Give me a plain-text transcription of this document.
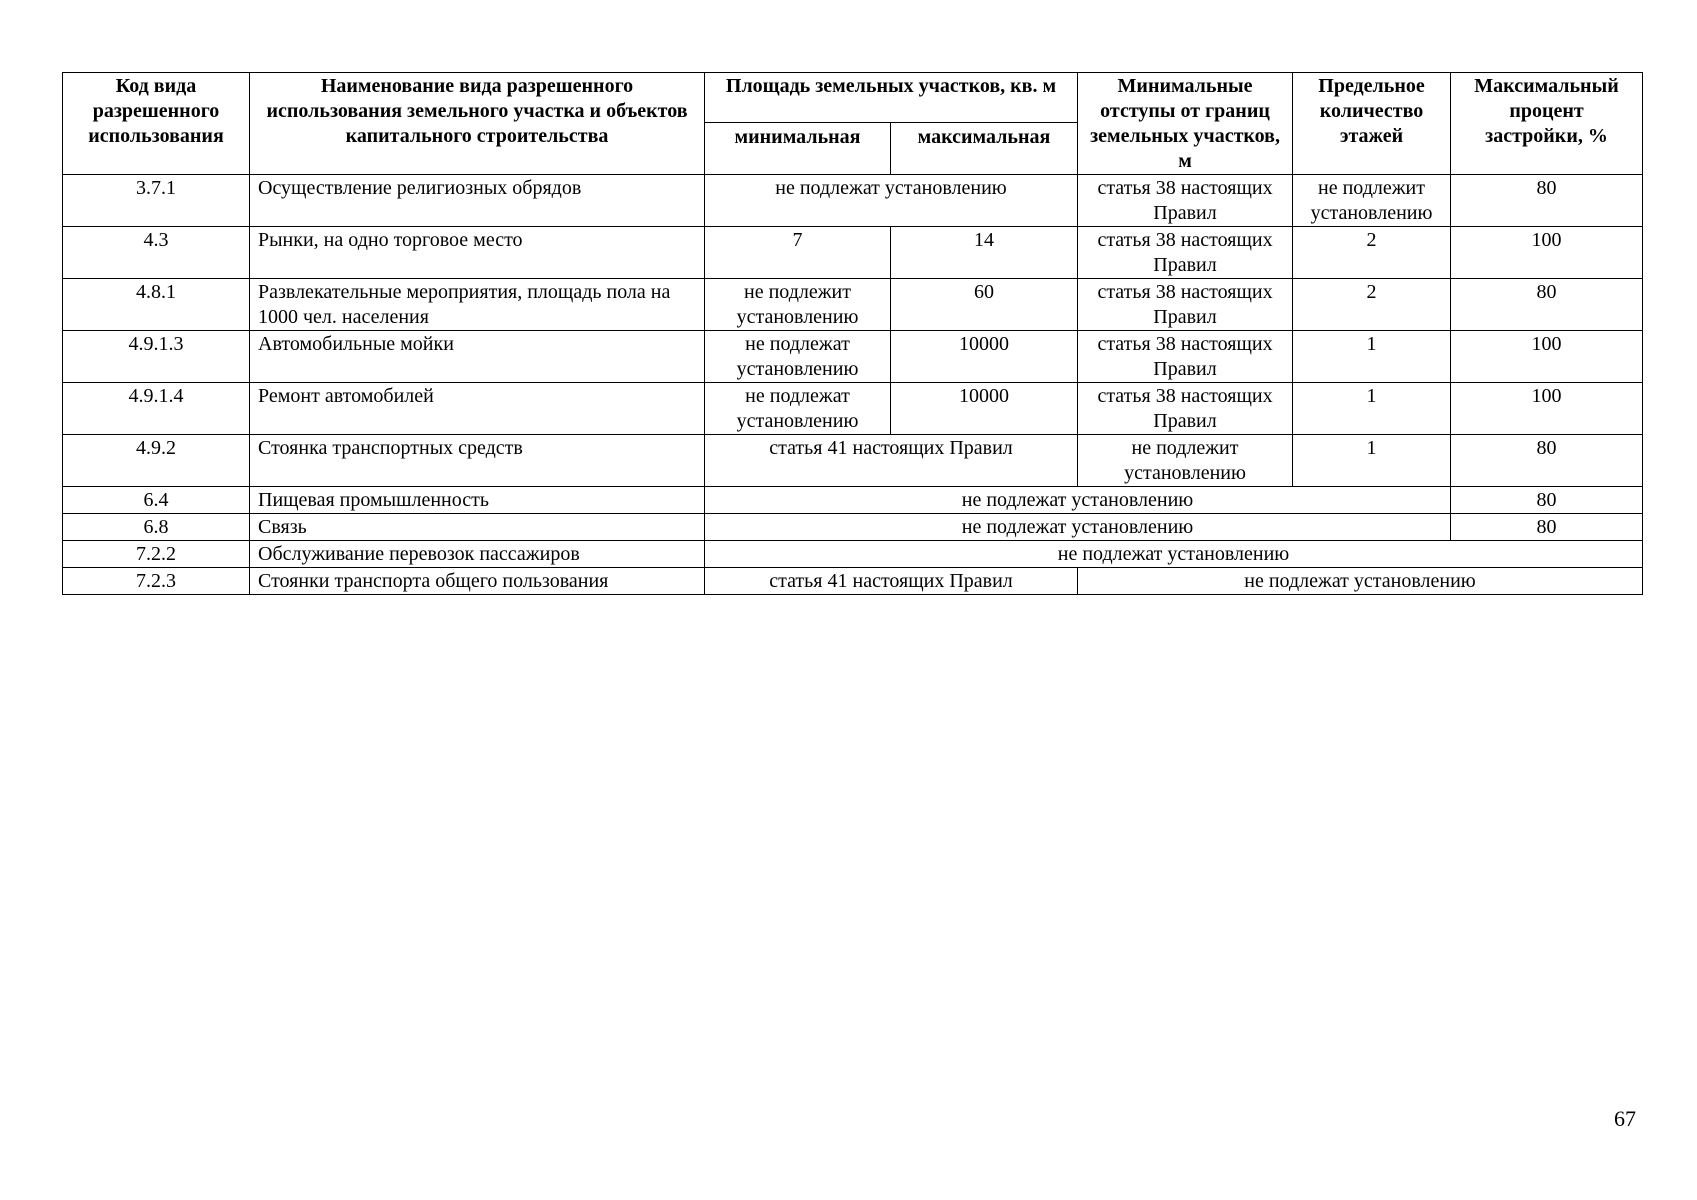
Код вида разрешенного использования	Наименование вида разрешенного использования земельного участка и объектов капитального строительства	Площадь земельных участков, кв. м		Минимальные отступы от границ земельных участков, м	Предельное количество этажей	Максимальный процент застройки, %
		минимальная	максимальная			
3.7.1	Осуществление религиозных обрядов	не подлежат установлению		статья 38 настоящих Правил	не подлежит установлению	80
4.3	Рынки, на одно торговое место	7	14	статья 38 настоящих Правил	2	100
4.8.1	Развлекательные мероприятия, площадь пола на 1000 чел. населения	не подлежит установлению	60	статья 38 настоящих Правил	2	80
4.9.1.3	Автомобильные мойки	не подлежат установлению	10000	статья 38 настоящих Правил	1	100
4.9.1.4	Ремонт автомобилей	не подлежат установлению	10000	статья 38 настоящих Правил	1	100
4.9.2	Стоянка транспортных средств	статья 41 настоящих Правил		не подлежит установлению	1	80
6.4	Пищевая промышленность	не подлежат установлению				80
6.8	Связь	не подлежат установлению				80
7.2.2	Обслуживание перевозок пассажиров	не подлежат установлению				
7.2.3	Стоянки транспорта общего пользования	статья 41 настоящих Правил		не подлежат установлению		
67
